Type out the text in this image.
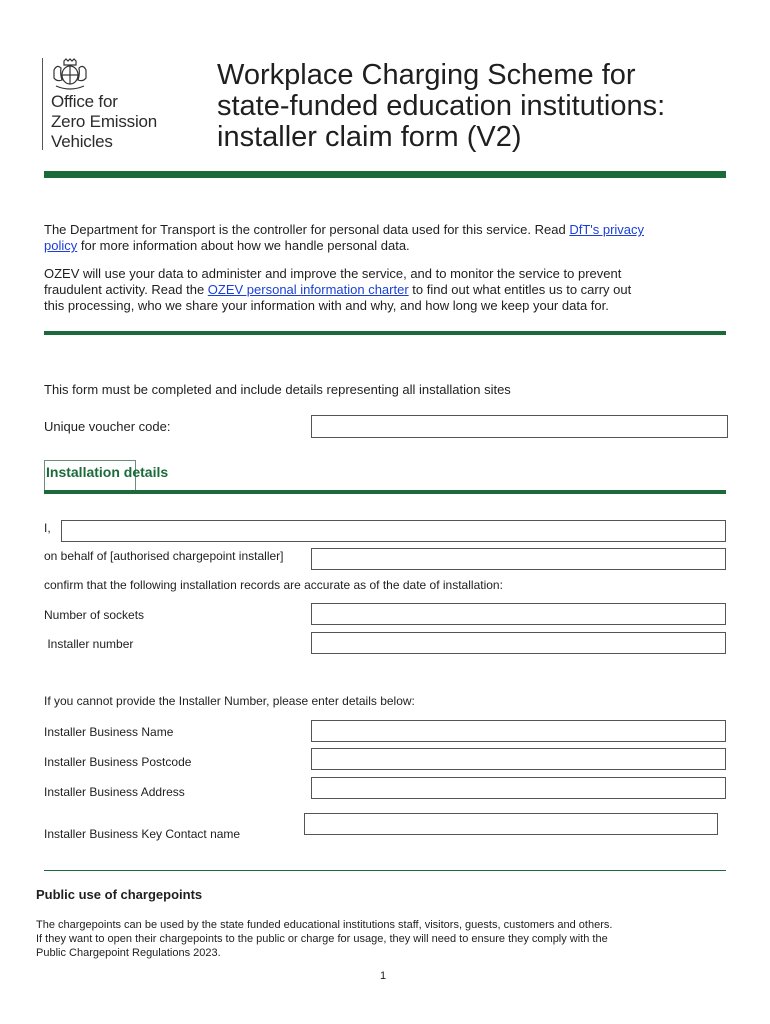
Office for
Zero Emission
Vehicles
Workplace Charging Scheme for
state-funded education institutions:
installer claim form (V2)
The Department for Transport is the controller for personal data used for this service. Read DfT's privacy
policy for more information about how we handle personal data.
OZEV will use your data to administer and improve the service, and to monitor the service to prevent
fraudulent activity. Read the OZEV personal information charter to find out what entitles us to carry out
this processing, who we share your information with and why, and how long we keep your data for.
This form must be completed and include details representing all installation sites
Unique voucher code:
Installation details
I,
on behalf of [authorised chargepoint installer]
confirm that the following installation records are accurate as of the date of installation:
Number of sockets
Installer number
If you cannot provide the Installer Number, please enter details below:
Installer Business Name
Installer Business Postcode
Installer Business Address
Installer Business Key Contact name
Public use of chargepoints
The chargepoints can be used by the state funded educational institutions staff, visitors, guests, customers and others.
If they want to open their chargepoints to the public or charge for usage, they will need to ensure they comply with the
Public Chargepoint Regulations 2023.
1
